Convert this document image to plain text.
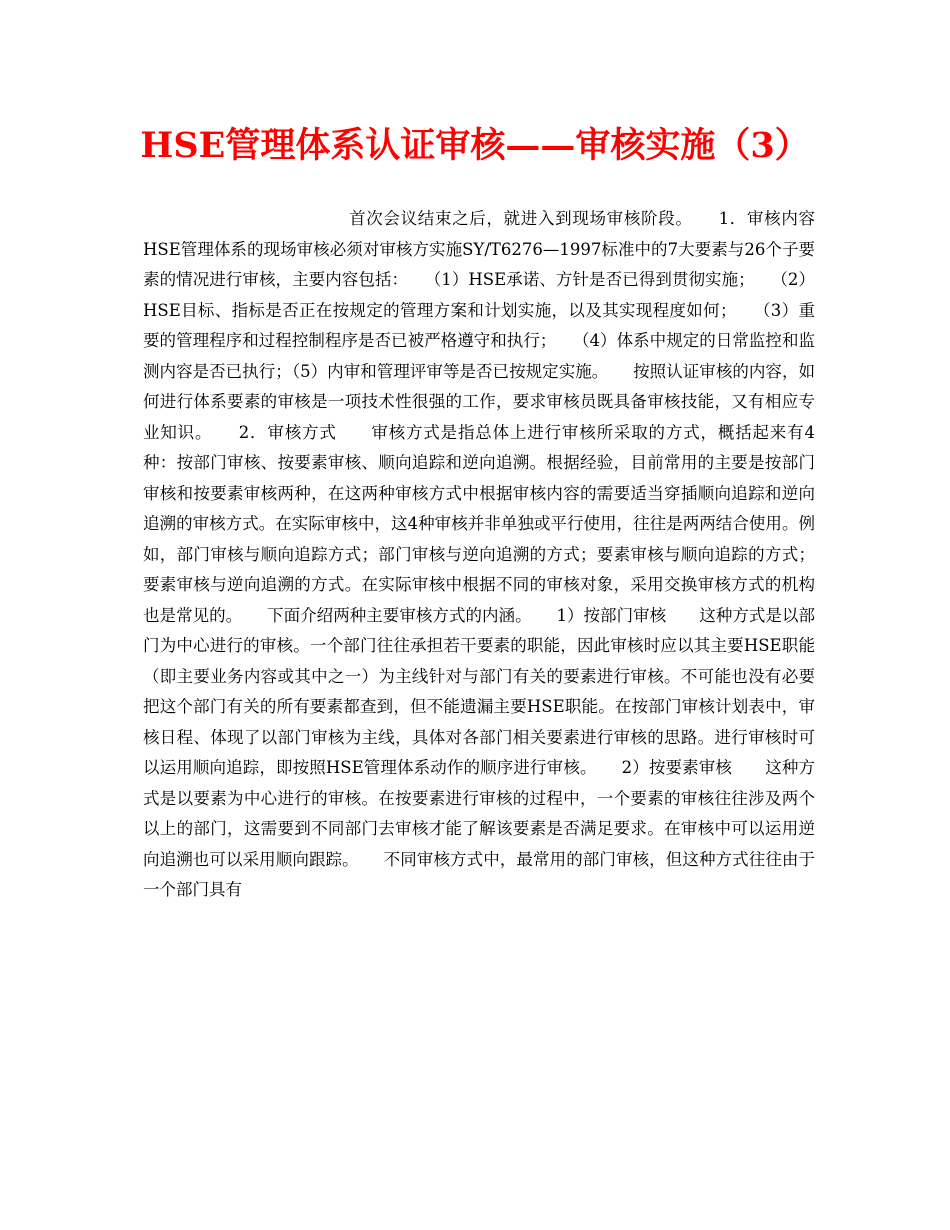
HSE管理体系认证审核——审核实施（3）

　　　　　　　　　　　　首次会议结束之后，就进入到现场审核阶段。　　1．审核内容　　HSE管理体系的现场审核必须对审核方实施SY/T6276—1997标准中的7大要素与26个子要素的情况进行审核，主要内容包括：　　（1）HSE承诺、方针是否已得到贯彻实施；　　（2）HSE目标、指标是否正在按规定的管理方案和计划实施，以及其实现程度如何；　　（3）重要的管理程序和过程控制程序是否已被严格遵守和执行；　　（4）体系中规定的日常监控和监测内容是否已执行；（5）内审和管理评审等是否已按规定实施。　　按照认证审核的内容，如何进行体系要素的审核是一项技术性很强的工作，要求审核员既具备审核技能，又有相应专业知识。　　2．审核方式　　审核方式是指总体上进行审核所采取的方式，概括起来有4种：按部门审核、按要素审核、顺向追踪和逆向追溯。根据经验，目前常用的主要是按部门审核和按要素审核两种，在这两种审核方式中根据审核内容的需要适当穿插顺向追踪和逆向追溯的审核方式。在实际审核中，这4种审核并非单独或平行使用，往往是两两结合使用。例如，部门审核与顺向追踪方式；部门审核与逆向追溯的方式；要素审核与顺向追踪的方式；要素审核与逆向追溯的方式。在实际审核中根据不同的审核对象，采用交换审核方式的机构也是常见的。　　下面介绍两种主要审核方式的内涵。　　1）按部门审核　　这种方式是以部门为中心进行的审核。一个部门往往承担若干要素的职能，因此审核时应以其主要HSE职能（即主要业务内容或其中之一）为主线针对与部门有关的要素进行审核。不可能也没有必要把这个部门有关的所有要素都查到，但不能遗漏主要HSE职能。在按部门审核计划表中，审核日程、体现了以部门审核为主线，具体对各部门相关要素进行审核的思路。进行审核时可以运用顺向追踪，即按照HSE管理体系动作的顺序进行审核。　　2）按要素审核　　这种方式是以要素为中心进行的审核。在按要素进行审核的过程中，一个要素的审核往往涉及两个以上的部门，这需要到不同部门去审核才能了解该要素是否满足要求。在审核中可以运用逆向追溯也可以采用顺向跟踪。　　不同审核方式中，最常用的部门审核，但这种方式往往由于一个部门具有
